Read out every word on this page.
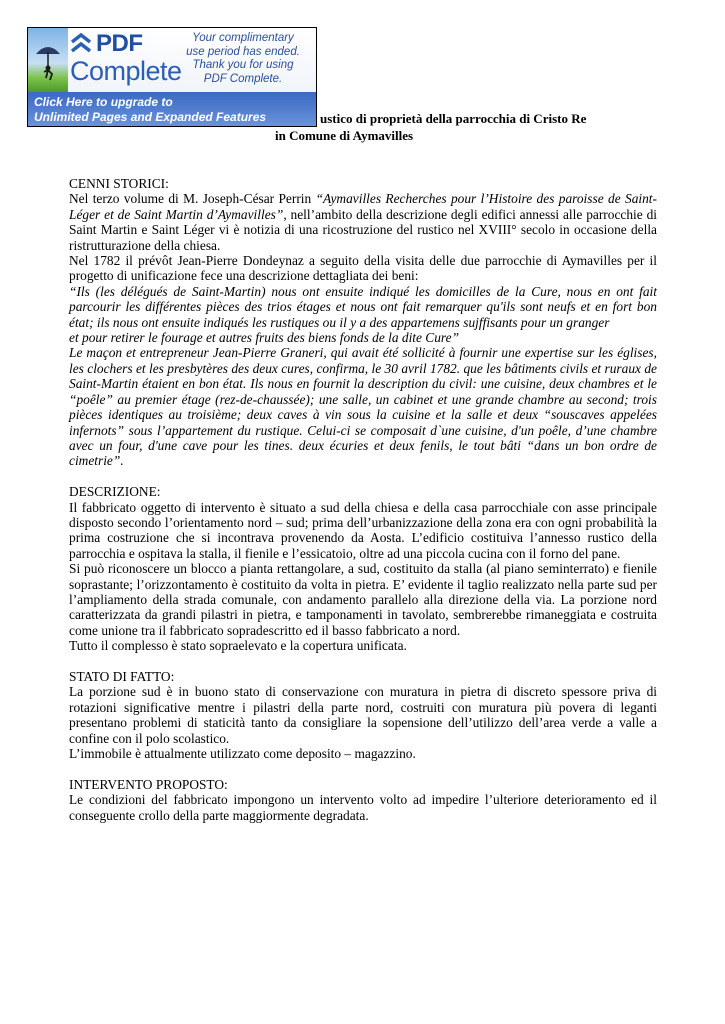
PDF
Complete
Your complimentary
use period has ended.
Thank you for using
PDF Complete.
Click Here to upgrade to
Unlimited Pages and Expanded Features	ustico di proprietà della parrocchia di Cristo Re
in Comune di Aymavilles

CENNI STORICI:

Nel terzo volume di M. Joseph-César Perrin “Aymavilles Recherches pour l’Histoire des paroisse de Saint-Léger et de Saint Martin d’Aymavilles”, nell’ambito della descrizione degli edifici annessi alle parrocchie di Saint Martin e Saint Léger vi è notizia di una ricostruzione del rustico nel XVIII° secolo in occasione della ristrutturazione della chiesa.

Nel 1782 il prévôt Jean-Pierre Dondeynaz a seguito della visita delle due parrocchie di Aymavilles per il progetto di unificazione fece una descrizione dettagliata dei beni:

“Ils (les délégués de Saint-Martin) nous ont ensuite indiqué les domicilles de la Cure, nous en ont fait parcourir les différentes pièces des trios étages et nous ont fait remarquer qu'ils sont neufs et en fort bon état; ils nous ont ensuite indiqués les rustiques ou il y a des appartemens sujffisants pour un granger

et pour retirer le fourage et autres fruits des biens fonds de la dite Cure”

Le maçon et entrepreneur Jean-Pierre Graneri, qui avait été sollicité à fournir une expertise sur les églises, les clochers et les presbytères des deux cures, confirma, le 30 avril 1782. que les bâtiments civils et ruraux de Saint-Martin étaient en bon état. Ils nous en fournit la description du civil: une cuisine, deux chambres et le “poêle” au premier étage (rez-de-chaussée); une salle, un cabinet et une grande chambre au second; trois pièces identiques au troisième; deux caves à vin sous la cuisine et la salle et deux “souscaves appelées infernots” sous l’appartement du rustique. Celui-ci se composait d`une cuisine, d'un poêle, d’une chambre avec un four, d'une cave pour les tines. deux écuries et deux fenils, le tout bâti “dans un bon ordre de cimetrie”.

DESCRIZIONE:

Il fabbricato oggetto di intervento è situato a sud della chiesa e della casa parrocchiale con asse principale disposto secondo l’orientamento nord – sud; prima dell’urbanizzazione della zona era con ogni probabilità la prima costruzione che si incontrava provenendo da Aosta. L’edificio costituiva l’annesso rustico della parrocchia e ospitava la stalla, il fienile e l’essicatoio, oltre ad una piccola cucina con il forno del pane.

Si può riconoscere un blocco a pianta rettangolare, a sud, costituito da stalla (al piano seminterrato) e fienile soprastante; l’orizzontamento è costituito da volta in pietra. E’ evidente il taglio realizzato nella parte sud per l’ampliamento della strada comunale, con andamento parallelo alla direzione della via. La porzione nord caratterizzata da grandi pilastri in pietra, e tamponamenti in tavolato, sembrerebbe rimaneggiata e costruita come unione tra il fabbricato sopradescritto ed il basso fabbricato a nord.

Tutto il complesso è stato sopraelevato e la copertura unificata.

STATO DI FATTO:

La porzione sud è in buono stato di conservazione con muratura in pietra di discreto spessore priva di rotazioni significative mentre i pilastri della parte nord, costruiti con muratura più povera di leganti presentano problemi di staticità tanto da consigliare la sopensione dell’utilizzo dell’area verde a valle a confine con il polo scolastico.

L’immobile è attualmente utilizzato come deposito – magazzino.

INTERVENTO PROPOSTO:

Le condizioni del fabbricato impongono un intervento volto ad impedire l’ulteriore deterioramento ed il conseguente crollo della parte maggiormente degradata.
